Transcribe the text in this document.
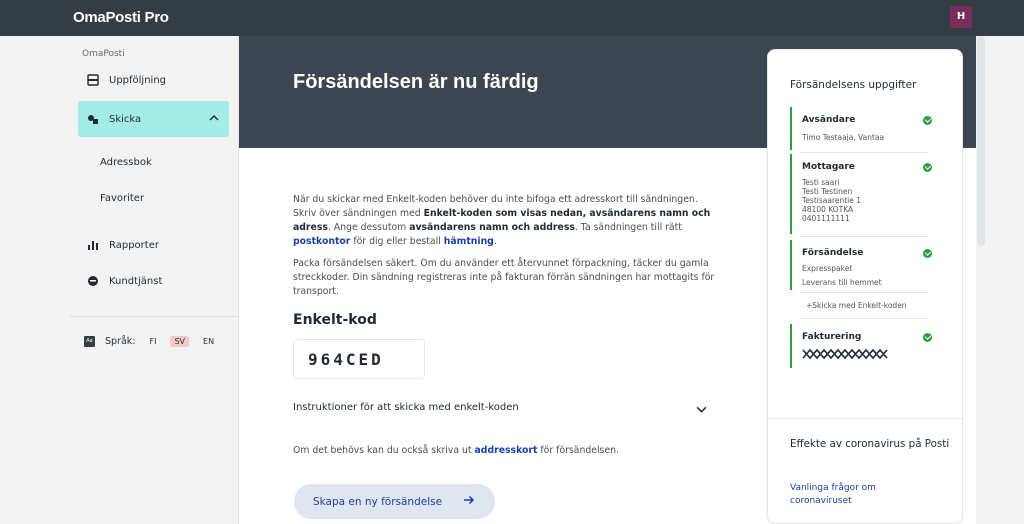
OmaPosti Pro	H
OmaPosti
Uppföljning
Skicka
Adressbok
Favoriter
Rapporter
Kundtjänst
Aa Språk:	FI	SV	EN
Försändelsen är nu färdig

När du skickar med Enkelt-koden behöver du inte bifoga ett adresskort till sändningen. Skriv över sändningen med Enkelt-koden som visas nedan, avsändarens namn och adress. Ange dessutom avsändarens namn och address. Ta sändningen till rätt postkontor för dig eller bestall hämtning.

Packa försändelsen säkert. Om du använder ett återvunnet förpackning, täcker du gamla streckkoder. Din sändning registreras inte på fakturan förrän sändningen har mottagits för transport.

Enkelt-kod
964CED
Instruktioner för att skicka med enkelt-koden

Om det behövs kan du också skriva ut addresskort för försändelsen.

Skapa en ny försändelse
Försändelsens uppgifter
Avsändare
Timo Testaaja, Vantaa
Mottagare
Testi saari
Testi Testinen
Testisaarentie 1
48100 KOTKA
0401111111
Försändelse
Expresspaket
Leverans till hemmet
+Skicka med Enkelt-koden
Fakturering
Effekte av coronavirus på Posti
Vanlinga frågor om coronaviruset
